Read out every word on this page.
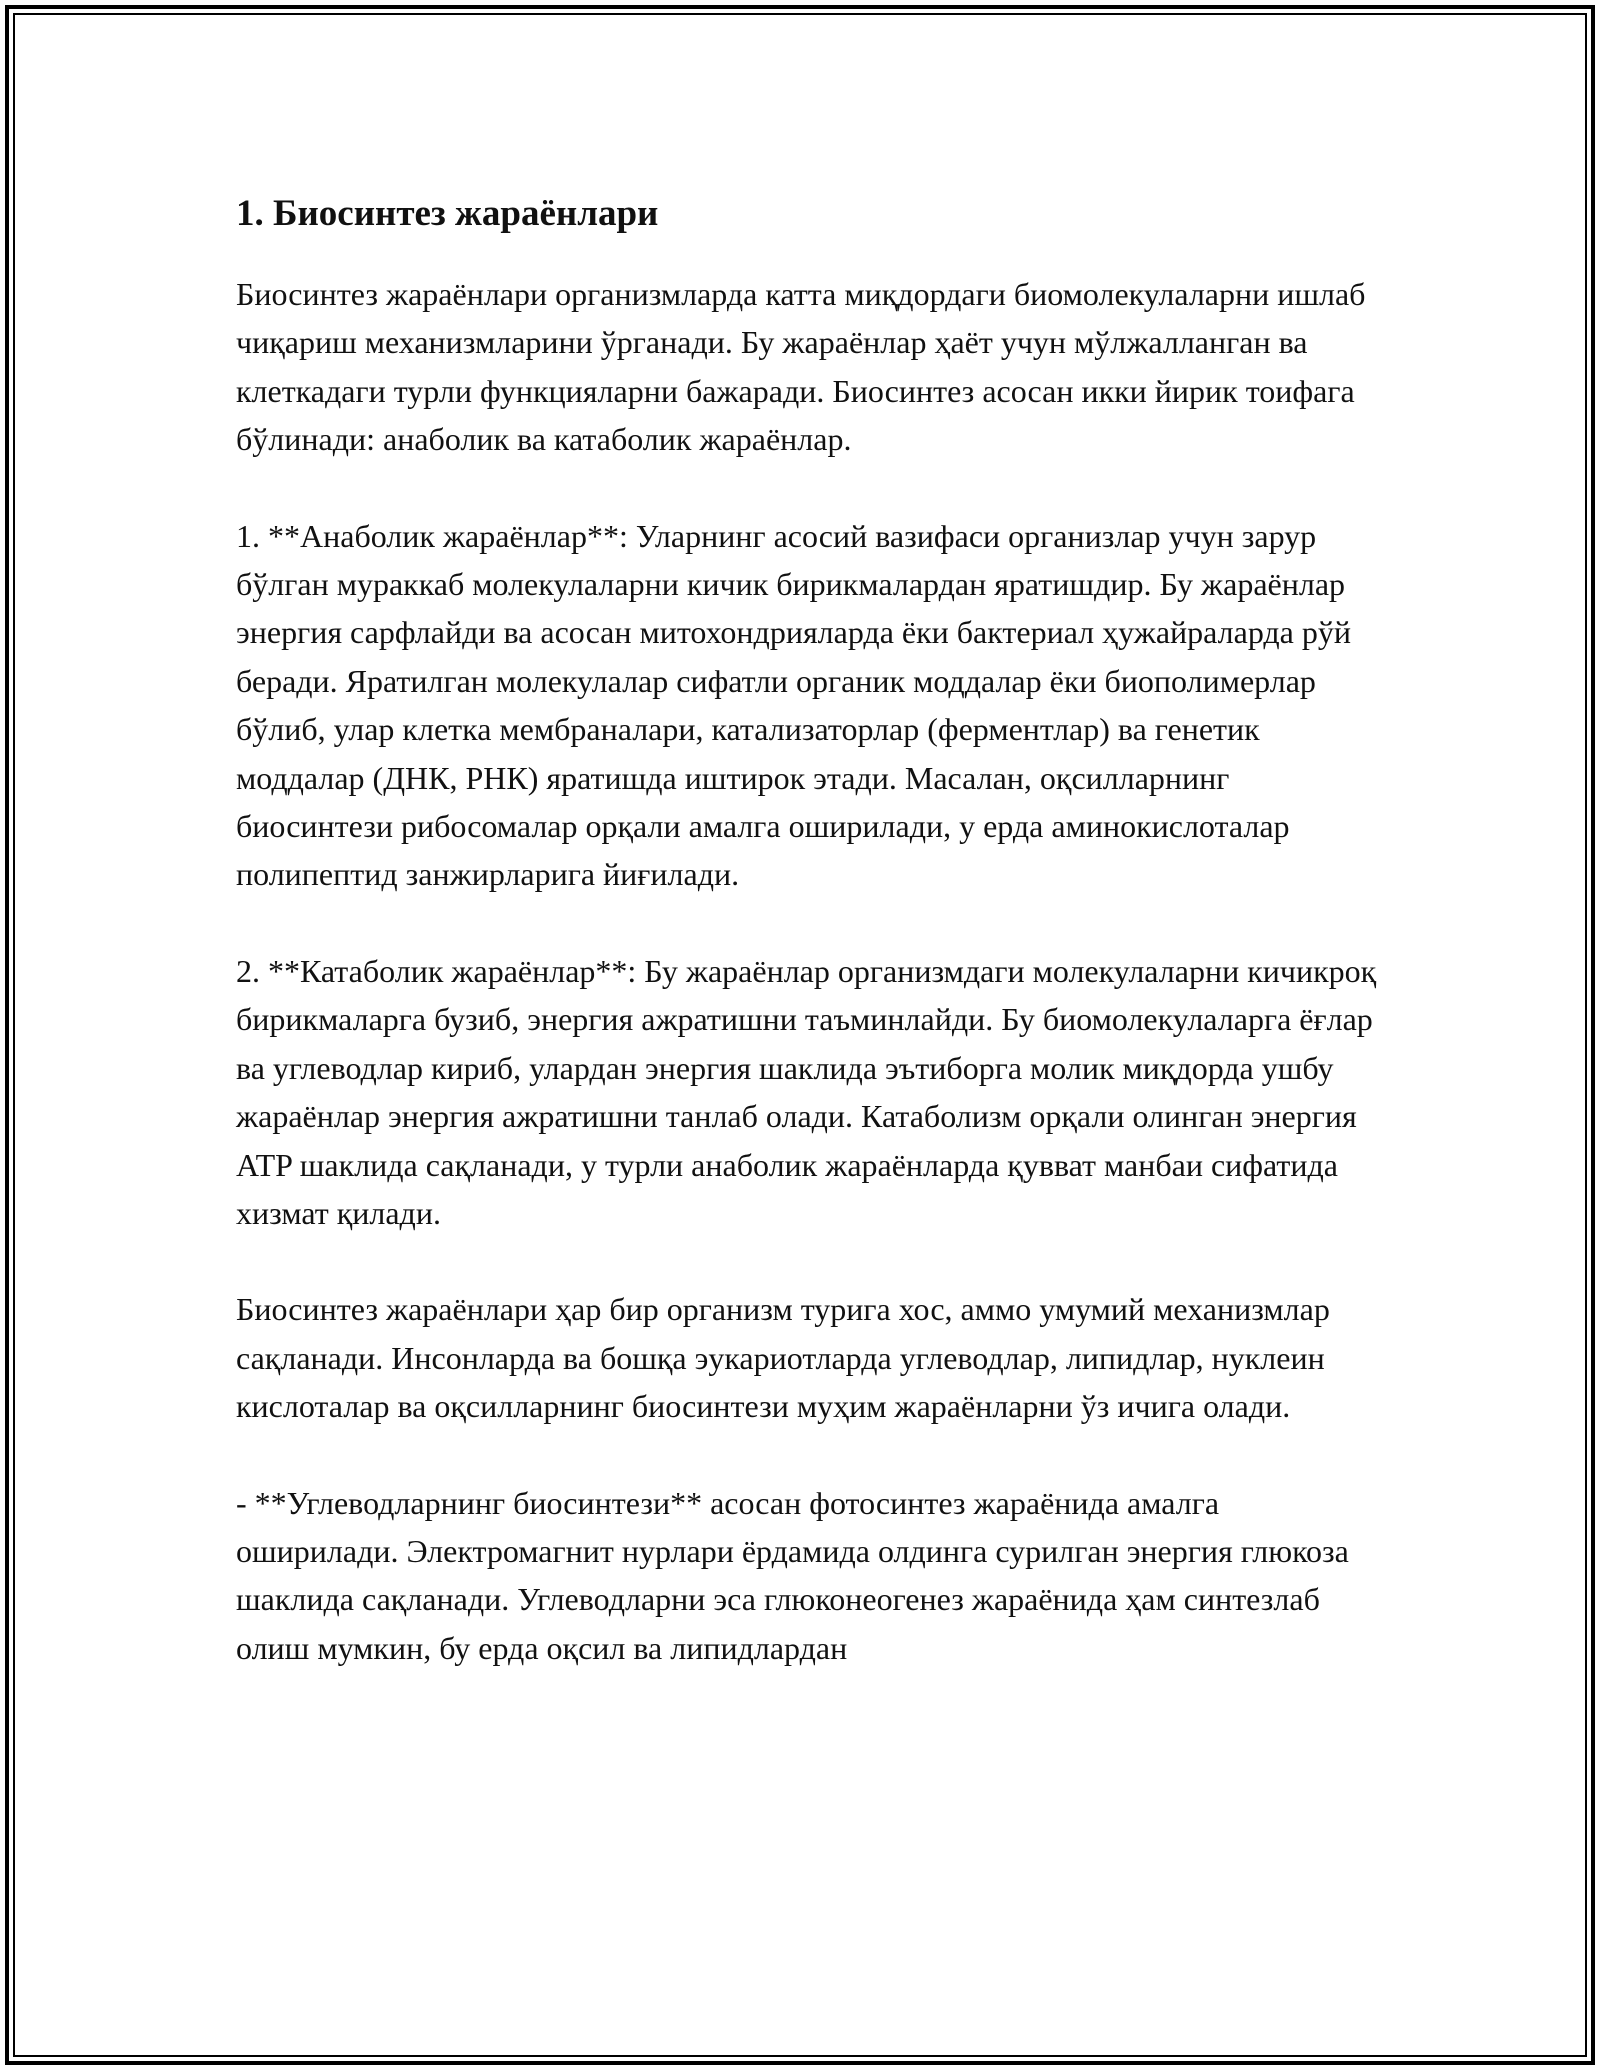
1. Биосинтез жараёнлари

Биосинтез жараёнлари организмларда катта миқдордаги биомолекулаларни ишлаб чиқариш механизмларини ўрганади. Бу жараёнлар ҳаёт учун мўлжалланган ва клеткадаги турли функцияларни бажаради. Биосинтез асосан икки йирик тоифага бўлинади: анаболик ва катаболик жараёнлар.

1. **Анаболик жараёнлар**: Уларнинг асосий вазифаси организлар учун зарур бўлган мураккаб молекулаларни кичик бирикмалардан яратишдир. Бу жараёнлар энергия сарфлайди ва асосан митохондрияларда ёки бактериал ҳужайраларда рўй беради. Яратилган молекулалар сифатли органик моддалар ёки биополимерлар бўлиб, улар клетка мембраналари, катализаторлар (ферментлар) ва генетик моддалар (ДНК, РНК) яратишда иштирок этади. Масалан, оқсилларнинг биосинтези рибосомалар орқали амалга оширилади, у ерда аминокислоталар полипептид занжирларига йиғилади.

2. **Катаболик жараёнлар**: Бу жараёнлар организмдаги молекулаларни кичикроқ бирикмаларга бузиб, энергия ажратишни таъминлайди. Бу биомолекулаларга ёғлар ва углеводлар кириб, улардан энергия шаклида эътиборга молик миқдорда ушбу жараёнлар энергия ажратишни танлаб олади. Катаболизм орқали олинган энергия ATP шаклида сақланади, у турли анаболик жараёнларда қувват манбаи сифатида хизмат қилади.

Биосинтез жараёнлари ҳар бир организм турига хос, аммо умумий механизмлар сақланади. Инсонларда ва бошқа эукариотларда углеводлар, липидлар, нуклеин кислоталар ва оқсилларнинг биосинтези муҳим жараёнларни ўз ичига олади.

- **Углеводларнинг биосинтези** асосан фотосинтез жараёнида амалга оширилади. Электромагнит нурлари ёрдамида олдинга сурилган энергия глюкоза шаклида сақланади. Углеводларни эса глюконеогенез жараёнида ҳам синтезлаб олиш мумкин, бу ерда оқсил ва липидлардан
